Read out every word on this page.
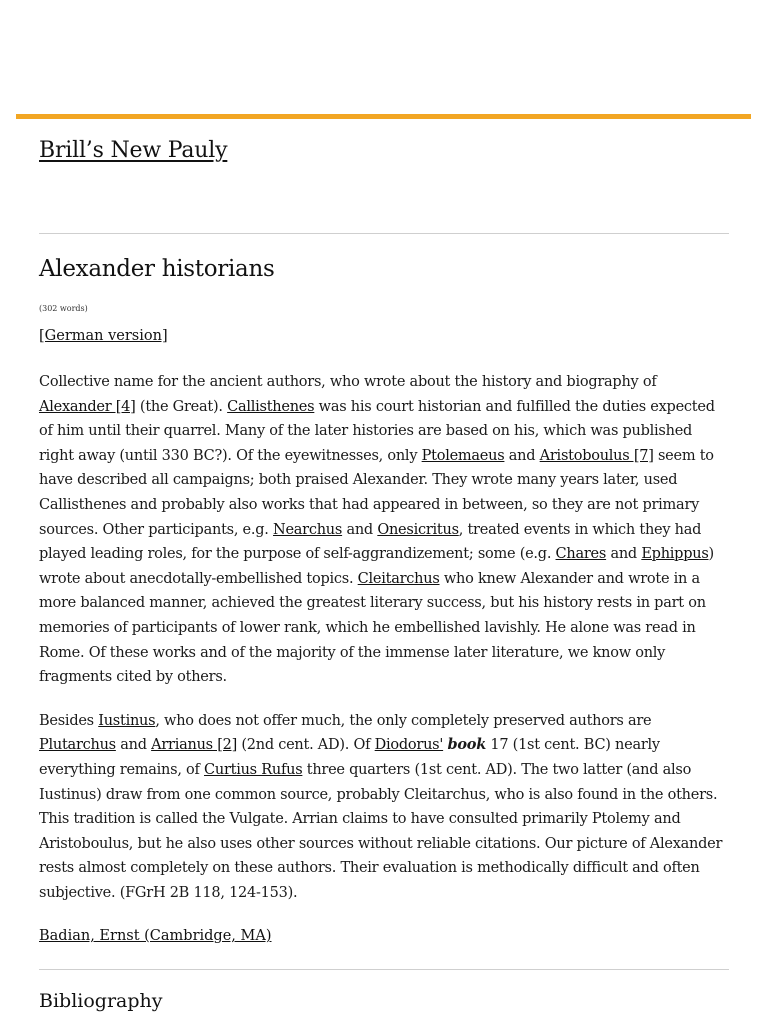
Brill’s New Pauly
Alexander historians
(302 words)
[German version]

Collective name for the ancient authors, who wrote about the history and biography of Alexander [4] (the Great). Callisthenes was his court historian and fulfilled the duties expected of him until their quarrel. Many of the later histories are based on his, which was published right away (until 330 BC?). Of the eyewitnesses, only Ptolemaeus and Aristoboulus [7] seem to have described all campaigns; both praised Alexander. They wrote many years later, used Callisthenes and probably also works that had appeared in between, so they are not primary sources. Other participants, e.g. Nearchus and Onesicritus, treated events in which they had played leading roles, for the purpose of self-aggrandizement; some (e.g. Chares and Ephippus) wrote about anecdotally-embellished topics. Cleitarchus who knew Alexander and wrote in a more balanced manner, achieved the greatest literary success, but his history rests in part on memories of participants of lower rank, which he embellished lavishly. He alone was read in Rome. Of these works and of the majority of the immense later literature, we know only fragments cited by others.

Besides Iustinus, who does not offer much, the only completely preserved authors are Plutarchus and Arrianus [2] (2nd cent. AD). Of Diodorus' book 17 (1st cent. BC) nearly everything remains, of Curtius Rufus three quarters (1st cent. AD). The two latter (and also Iustinus) draw from one common source, probably Cleitarchus, who is also found in the others. This tradition is called the Vulgate. Arrian claims to have consulted primarily Ptolemy and Aristoboulus, but he also uses other sources without reliable citations. Our picture of Alexander rests almost completely on these authors. Their evaluation is methodically difficult and often subjective. (FGrH 2B 118, 124-153).

Badian, Ernst (Cambridge, MA)
Bibliography
